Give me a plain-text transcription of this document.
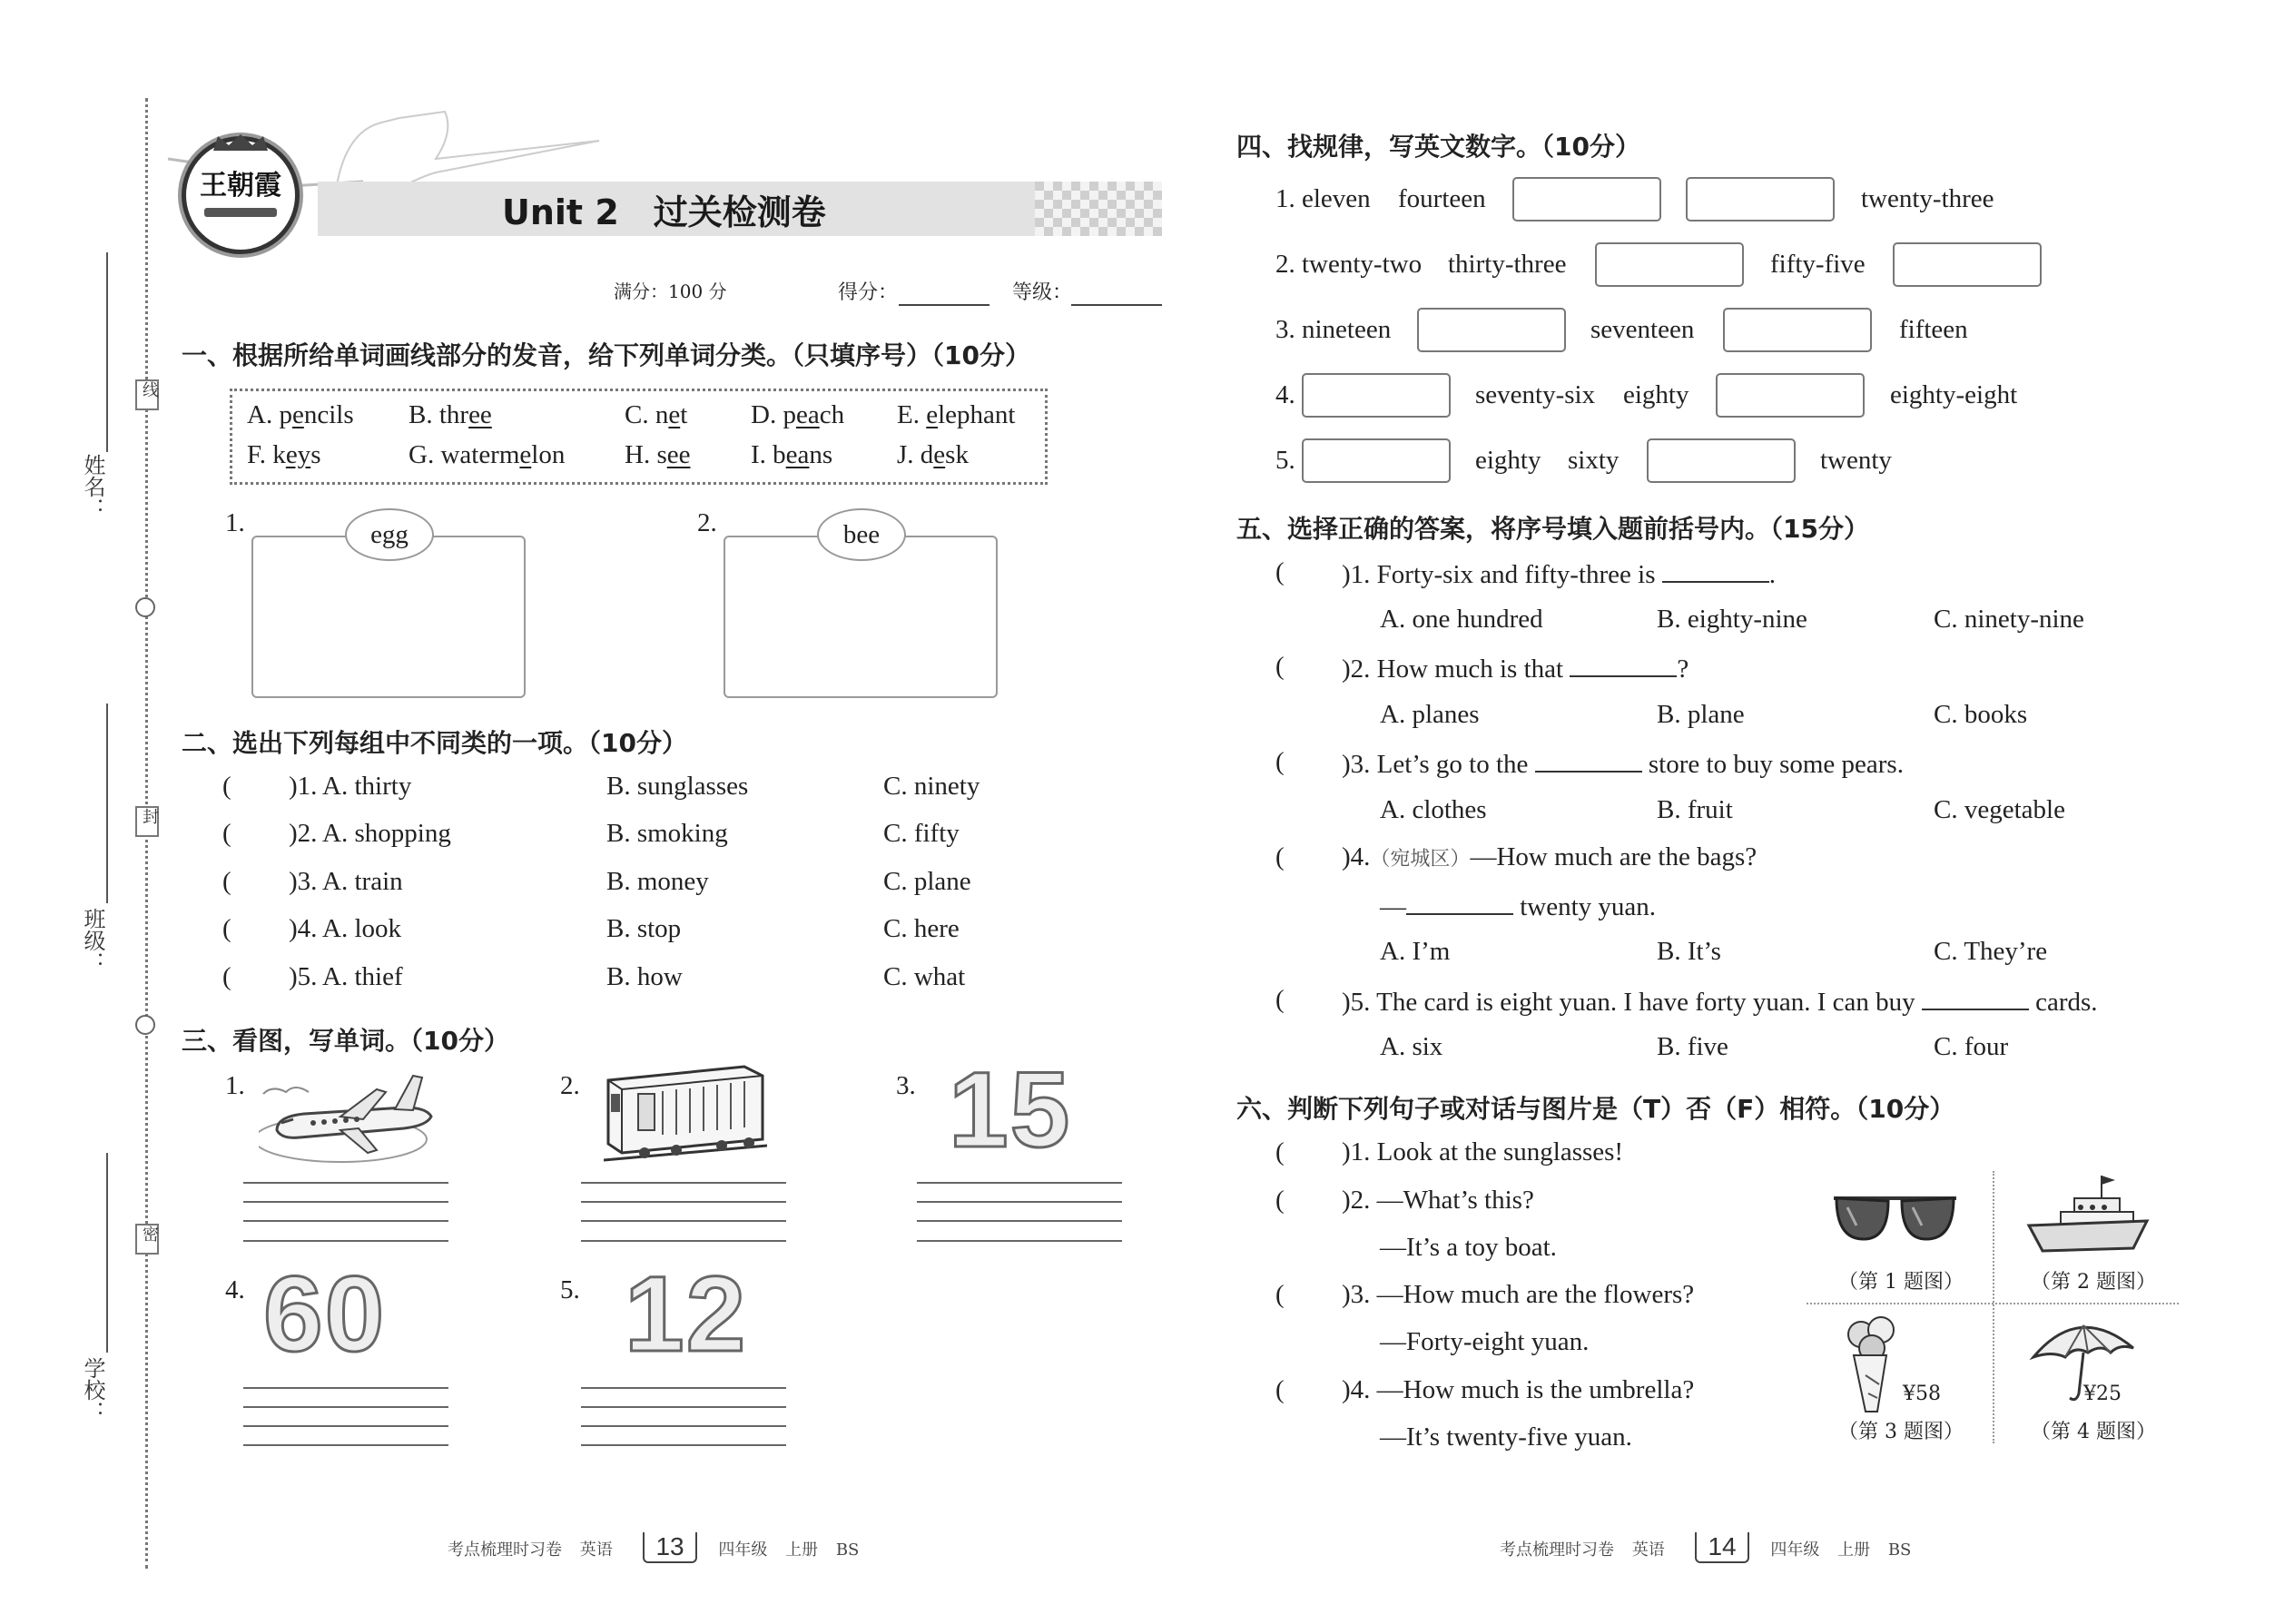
线
封
密
姓名：
班级：
学校：
王朝霞
Unit 2　过关检测卷
满分：100 分	得分：	等级：
一、根据所给单词画线部分的发音，给下列单词分类。（只填序号）（10分）
A. pencils B. three	C. net D. peach E. elephant
F. keys	G. watermelon H. see I. beans J. desk
1.	egg	2.	bee
二、选出下列每组中不同类的一项。（10分）
( )1. A. thirty	B. sunglasses	C. ninety
( )2. A. shopping	B. smoking	C. fifty
( )3. A. train	B. money	C. plane
( )4. A. look	B. stop	C. here
( )5. A. thief	B. how	C. what
三、看图，写单词。（10分）
1.	2.	3. 15
4. 60	5. 12
考点梳理时习卷 英语 13 四年级 上册 BS
四、找规律，写英文数字。（10分）
1. eleven fourteen	twenty-three
2. twenty-two thirty-three	fifty-five
3. nineteen	seventeen	fifteen
4.	seventy-six eighty	eighty-eight
5.	eighty sixty	twenty
五、选择正确的答案，将序号填入题前括号内。（15分）
( )1. Forty-six and fifty-three is	.
A. one hundred	B. eighty-nine	C. ninety-nine
( )2. How much is that	?
A. planes	B. plane	C. books
( )3. Let’s go to the	store to buy some pears.
A. clothes	B. fruit	C. vegetable
( )4.（宛城区）—How much are the bags?
—	twenty yuan.
A. I’m	B. It’s	C. They’re
( )5. The card is eight yuan. I have forty yuan. I can buy	cards.
A. six	B. five	C. four
六、判断下列句子或对话与图片是（T）否（F）相符。（10分）
( )1. Look at the sunglasses!
( )2. —What’s this?
—It’s a toy boat.
( )3. —How much are the flowers?
—Forty-eight yuan.
( )4. —How much is the umbrella?
—It’s twenty-five yuan.
（第 1 题图）	（第 2 题图）
¥58
（第 3 题图）
¥25
（第 4 题图）
考点梳理时习卷 英语 14 四年级 上册 BS
